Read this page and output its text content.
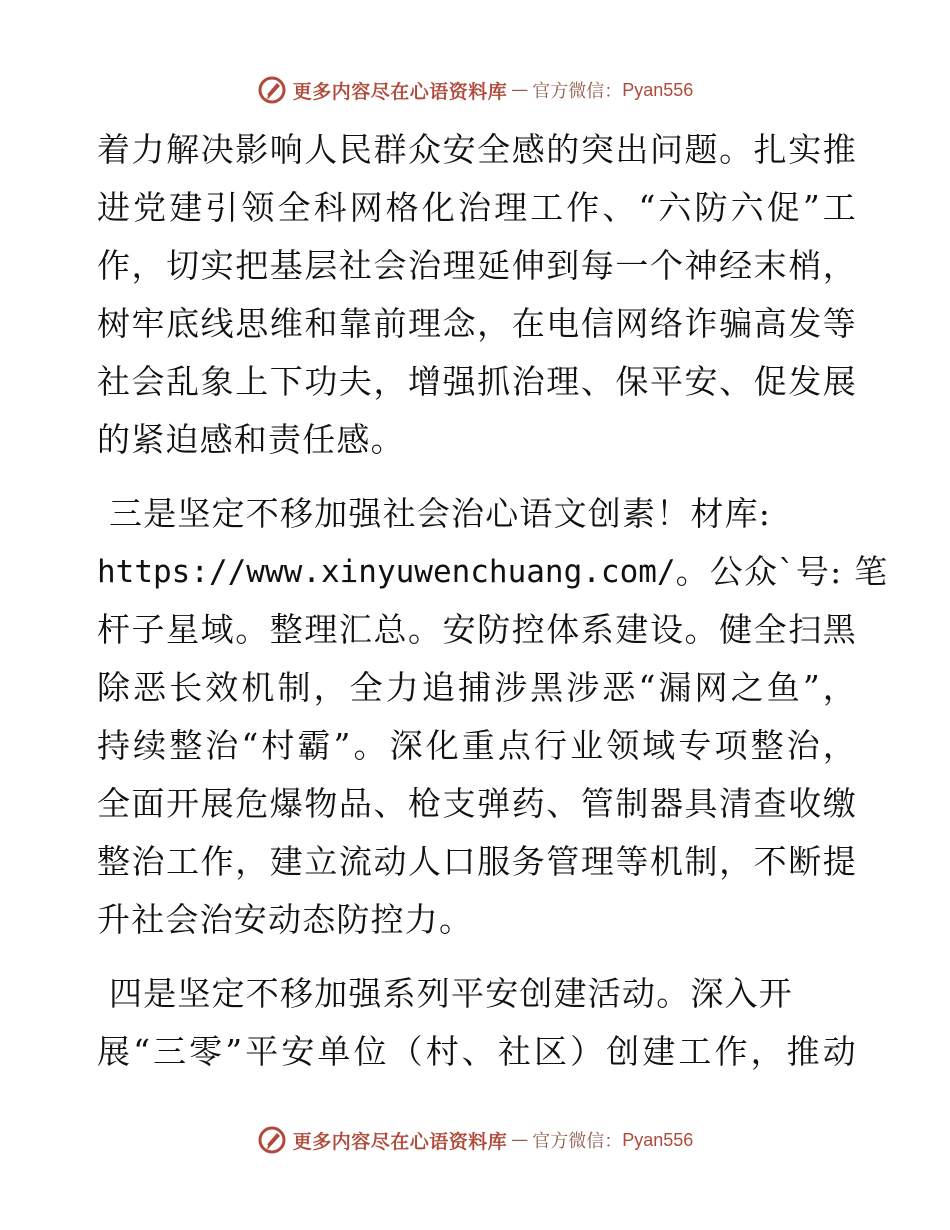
更多内容尽在心语资料库 — 官方微信： Pyan556
着力解决影响人民群众安全感的突出问题。扎实推
进党建引领全科网格化治理工作、“六防六促”工
作，切实把基层社会治理延伸到每一个神经末梢，
树牢底线思维和靠前理念，在电信网络诈骗高发等
社会乱象上下功夫，增强抓治理、保平安、促发展
的紧迫感和责任感。
三是坚定不移加强社会治心语文创素！材库:
https://www.xinyuwenchuang.com/ 。公众`号: 笔
杆子星域。整理汇总。安防控体系建设。健全扫黑
除恶长效机制，全力追捕涉黑涉恶“漏网之鱼”，
持续整治“村霸”。深化重点行业领域专项整治，
全面开展危爆物品、枪支弹药、管制器具清查收缴
整治工作，建立流动人口服务管理等机制，不断提
升社会治安动态防控力。
四是坚定不移加强系列平安创建活动。深入开
展“三零”平安单位（村、社区）创建工作，推动
更多内容尽在心语资料库 — 官方微信： Pyan556
